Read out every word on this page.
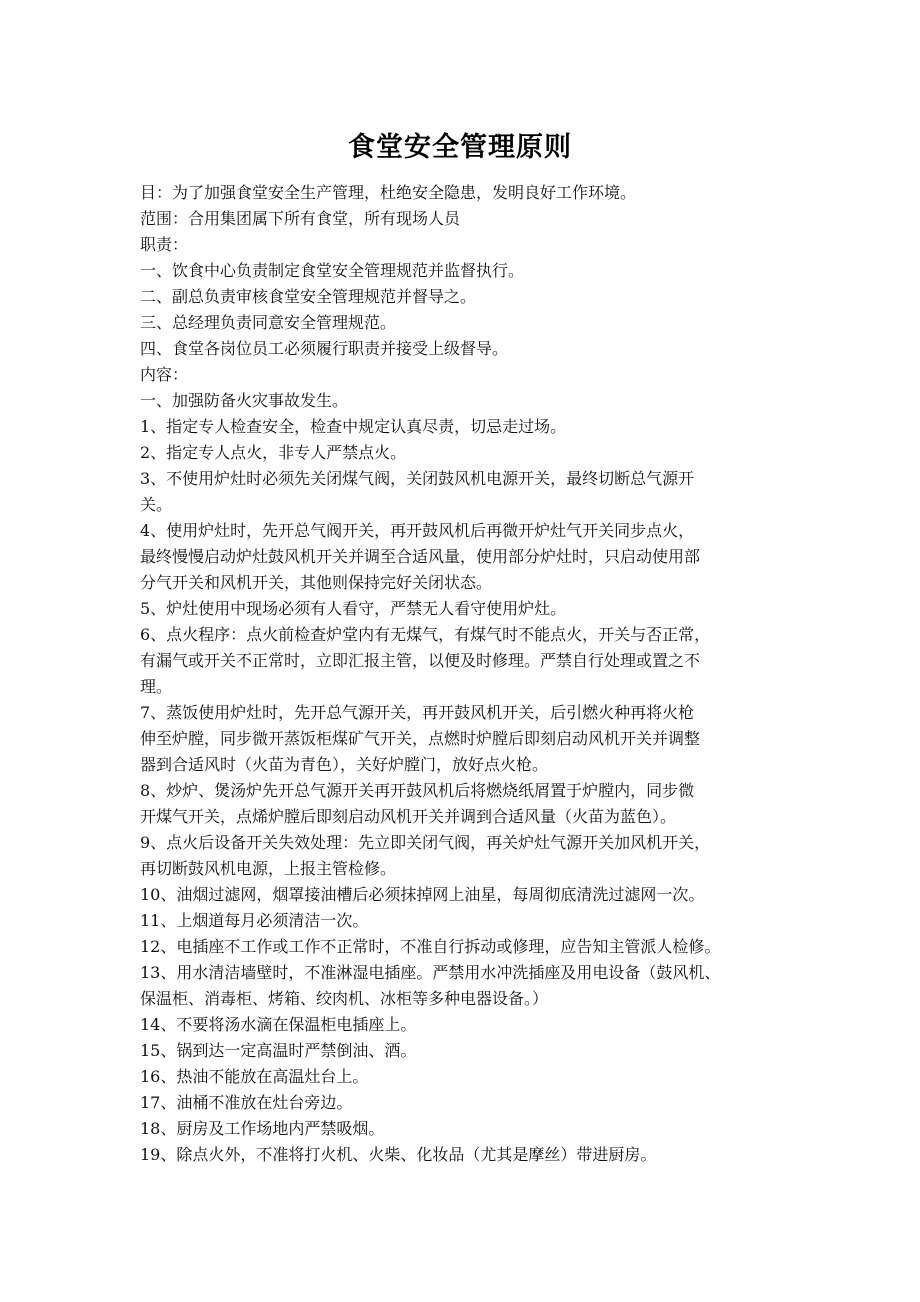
食堂安全管理原则
目：为了加强食堂安全生产管理，杜绝安全隐患，发明良好工作环境。
范围：合用集团属下所有食堂，所有现场人员
职责：
一、饮食中心负责制定食堂安全管理规范并监督执行。
二、副总负责审核食堂安全管理规范并督导之。
三、总经理负责同意安全管理规范。
四、食堂各岗位员工必须履行职责并接受上级督导。
内容：
一、加强防备火灾事故发生。
1、指定专人检查安全，检查中规定认真尽责，切忌走过场。
2、指定专人点火，非专人严禁点火。
3、不使用炉灶时必须先关闭煤气阀，关闭鼓风机电源开关，最终切断总气源开
关。
4、使用炉灶时，先开总气阀开关，再开鼓风机后再微开炉灶气开关同步点火，
最终慢慢启动炉灶鼓风机开关并调至合适风量，使用部分炉灶时，只启动使用部
分气开关和风机开关，其他则保持完好关闭状态。
5、炉灶使用中现场必须有人看守，严禁无人看守使用炉灶。
6、点火程序：点火前检查炉堂内有无煤气，有煤气时不能点火，开关与否正常，
有漏气或开关不正常时，立即汇报主管，以便及时修理。严禁自行处理或置之不
理。
7、蒸饭使用炉灶时，先开总气源开关，再开鼓风机开关，后引燃火种再将火枪
伸至炉膛，同步微开蒸饭柜煤矿气开关，点燃时炉膛后即刻启动风机开关并调整
器到合适风时（火苗为青色），关好炉膛门，放好点火枪。
8、炒炉、煲汤炉先开总气源开关再开鼓风机后将燃烧纸屑置于炉膛内，同步微
开煤气开关，点烯炉膛后即刻启动风机开关并调到合适风量（火苗为蓝色）。
9、点火后设备开关失效处理：先立即关闭气阀，再关炉灶气源开关加风机开关，
再切断鼓风机电源，上报主管检修。
10、油烟过滤网，烟罩接油槽后必须抹掉网上油星，每周彻底清洗过滤网一次。
11、上烟道每月必须清洁一次。
12、电插座不工作或工作不正常时，不准自行拆动或修理，应告知主管派人检修。
13、用水清洁墙壁时，不准淋湿电插座。严禁用水冲洗插座及用电设备（鼓风机、
保温柜、消毒柜、烤箱、绞肉机、冰柜等多种电器设备。）
14、不要将汤水滴在保温柜电插座上。
15、锅到达一定高温时严禁倒油、酒。
16、热油不能放在高温灶台上。
17、油桶不准放在灶台旁边。
18、厨房及工作场地内严禁吸烟。
19、除点火外，不准将打火机、火柴、化妆品（尤其是摩丝）带进厨房。
